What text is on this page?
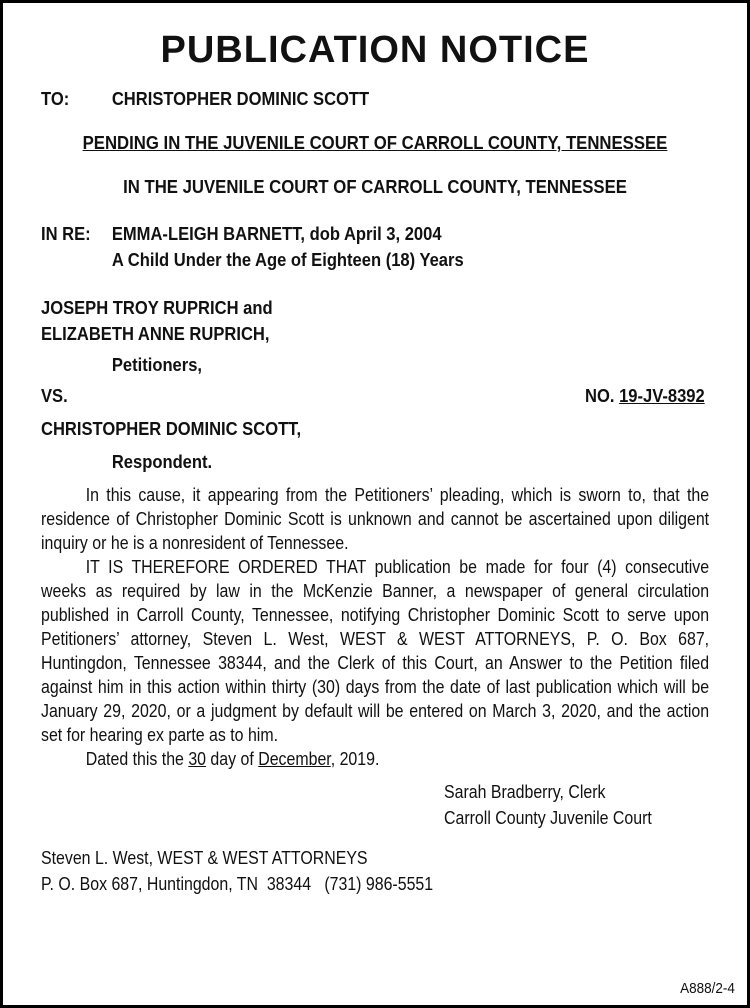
PUBLICATION NOTICE
TO:	CHRISTOPHER DOMINIC SCOTT
PENDING IN THE JUVENILE COURT OF CARROLL COUNTY, TENNESSEE
IN THE JUVENILE COURT OF CARROLL COUNTY, TENNESSEE
IN RE:	EMMA-LEIGH BARNETT, dob April 3, 2004
A Child Under the Age of Eighteen (18) Years
JOSEPH TROY RUPRICH and
ELIZABETH ANNE RUPRICH,
Petitioners,
VS.	NO. 19-JV-8392
CHRISTOPHER DOMINIC SCOTT,
Respondent.

In this cause, it appearing from the Petitioners’ pleading, which is sworn to, that the residence of Christopher Dominic Scott is unknown and cannot be ascertained upon diligent inquiry or he is a nonresident of Tennessee.

IT IS THEREFORE ORDERED THAT publication be made for four (4) consecutive weeks as required by law in the McKenzie Banner, a newspaper of general circulation published in Carroll County, Tennessee, notifying Christopher Dominic Scott to serve upon Petitioners’ attorney, Steven L. West, WEST & WEST ATTORNEYS, P. O. Box 687, Huntingdon, Tennessee 38344, and the Clerk of this Court, an Answer to the Petition filed against him in this action within thirty (30) days from the date of last publication which will be January 29, 2020, or a judgment by default will be entered on March 3, 2020, and the action set for hearing ex parte as to him.

Dated this the 30 day of December, 2019.

Sarah Bradberry, Clerk
Carroll County Juvenile Court
Steven L. West, WEST & WEST ATTORNEYS
P. O. Box 687, Huntingdon, TN  38344   (731) 986-5551
A888/2-4
